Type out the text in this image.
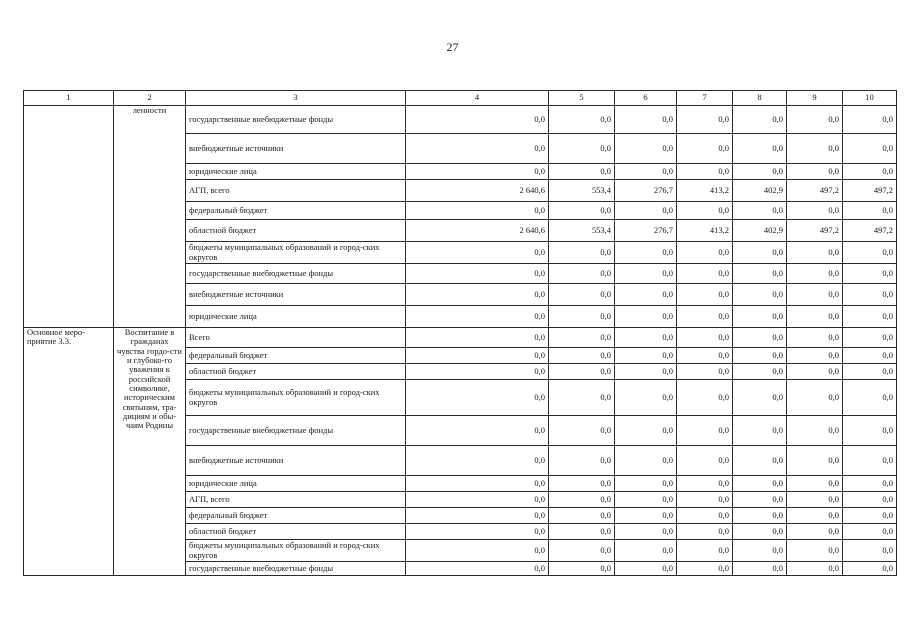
27
1	2	3	4	5	6	7	8	9	10
	ленности	государственные внебюджетные фонды	0,0	0,0	0,0	0,0	0,0	0,0	0,0
		внебюджетные источники	0,0	0,0	0,0	0,0	0,0	0,0	0,0
		юридические лица	0,0	0,0	0,0	0,0	0,0	0,0	0,0
		АГП, всего	2 640,6	553,4	276,7	413,2	402,9	497,2	497,2
		федеральный бюджет	0,0	0,0	0,0	0,0	0,0	0,0	0,0
		областной бюджет	2 640,6	553,4	276,7	413,2	402,9	497,2	497,2
		бюджеты муниципальных образований и город-ских округов	0,0	0,0	0,0	0,0	0,0	0,0	0,0
		государственные внебюджетные фонды	0,0	0,0	0,0	0,0	0,0	0,0	0,0
		внебюджетные источники	0,0	0,0	0,0	0,0	0,0	0,0	0,0
		юридические лица	0,0	0,0	0,0	0,0	0,0	0,0	0,0
Основное меро-приятие 3.3.	Воспитание в гражданах чувства гордо-сти и глубоко-го уважения к российской символике, историческим святыням, тра-дициям и обы-чаям Родины	Всего	0,0	0,0	0,0	0,0	0,0	0,0	0,0
		федеральный бюджет	0,0	0,0	0,0	0,0	0,0	0,0	0,0
		областной бюджет	0,0	0,0	0,0	0,0	0,0	0,0	0,0
		бюджеты муниципальных образований и город-ских округов	0,0	0,0	0,0	0,0	0,0	0,0	0,0
		государственные внебюджетные фонды	0,0	0,0	0,0	0,0	0,0	0,0	0,0
		внебюджетные источники	0,0	0,0	0,0	0,0	0,0	0,0	0,0
		юридические лица	0,0	0,0	0,0	0,0	0,0	0,0	0,0
		АГП, всего	0,0	0,0	0,0	0,0	0,0	0,0	0,0
		федеральный бюджет	0,0	0,0	0,0	0,0	0,0	0,0	0,0
		областной бюджет	0,0	0,0	0,0	0,0	0,0	0,0	0,0
		бюджеты муниципальных образований и город-ских округов	0,0	0,0	0,0	0,0	0,0	0,0	0,0
		государственные внебюджетные фонды	0,0	0,0	0,0	0,0	0,0	0,0	0,0
